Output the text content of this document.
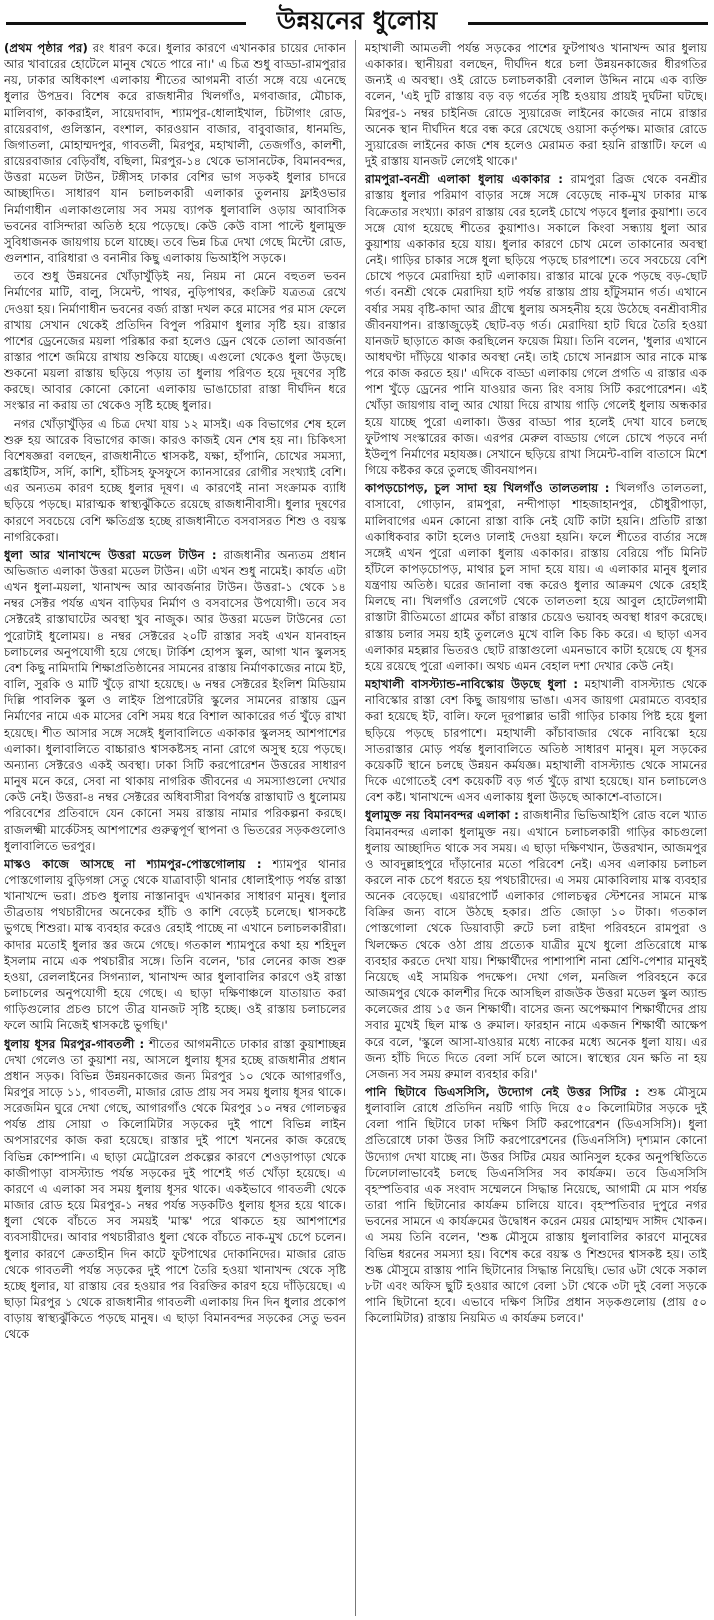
উন্নয়নের ধুলোয়

(প্রথম পৃষ্ঠার পর) রং ধারণ করে। ধুলার কারণে এখানকার চায়ের দোকান আর খাবারের হোটেলে মানুষ খেতে পারে না।' এ চিত্র শুধু বাড্ডা-রামপুরার নয়, ঢাকার অধিকাংশ এলাকায় শীতের আগমনী বার্তা সঙ্গে বয়ে এনেছে ধুলার উপদ্রব। বিশেষ করে রাজধানীর খিলগাঁও, মগবাজার, মৌচাক, মালিবাগ, কাকরাইল, সায়েদাবাদ, শ্যামপুর-ধোলাইখাল, চিটাগাং রোড, রায়েরবাগ, গুলিস্তান, বংশাল, কারওয়ান বাজার, বাবুবাজার, ধানমন্ডি, জিগাতলা, মোহাম্মদপুর, গাবতলী, মিরপুর, মহাখালী, তেজগাঁও, কালশী, রায়েরবাজার বেড়িবাঁধ, বছিলা, মিরপুর-১৪ থেকে ভাসানটেক, বিমানবন্দর, উত্তরা মডেল টাউন, টঙ্গীসহ ঢাকার বেশির ভাগ সড়কই ধুলার চাদরে আচ্ছাদিত। সাধারণ যান চলাচলকারী এলাকার তুলনায় ফ্লাইওভার নির্মাণাধীন এলাকাগুলোয় সব সময় ব্যাপক ধুলাবালি ওড়ায় আবাসিক ভবনের বাসিন্দারা অতিষ্ঠ হয়ে পড়েছে। কেউ কেউ বাসা পাল্টে ধুলামুক্ত সুবিধাজনক জায়গায় চলে যাচ্ছে। তবে ভিন্ন চিত্র দেখা গেছে মিন্টো রোড, গুলশান, বারিধারা ও বনানীর কিছু এলাকায় ভিআইপি সড়কে।

তবে শুধু উন্নয়নের খোঁড়াখুঁড়িই নয়, নিয়ম না মেনে বহুতল ভবন নির্মাণের মাটি, বালু, সিমেন্ট, পাথর, নুড়িপাথর, কংক্রিট যত্রতত্র রেখে দেওয়া হয়। নির্মাণাধীন ভবনের বর্জ্য রাস্তা দখল করে মাসের পর মাস ফেলে রাখায় সেখান থেকেই প্রতিদিন বিপুল পরিমাণ ধুলার সৃষ্টি হয়। রাস্তার পাশের ড্রেনেজের ময়লা পরিষ্কার করা হলেও ড্রেন থেকে তোলা আবর্জনা রাস্তার পাশে জমিয়ে রাখায় শুকিয়ে যাচ্ছে। এগুলো থেকেও ধুলা উড়ছে। শুকনো ময়লা রাস্তায় ছড়িয়ে পড়ায় তা ধুলায় পরিণত হয়ে দূষণের সৃষ্টি করছে। আবার কোনো কোনো এলাকায় ভাঙাচোরা রাস্তা দীর্ঘদিন ধরে সংস্কার না করায় তা থেকেও সৃষ্টি হচ্ছে ধুলার।

নগর খোঁড়াখুঁড়ির এ চিত্র দেখা যায় ১২ মাসই। এক বিভাগের শেষ হলে শুরু হয় আরেক বিভাগের কাজ। কারও কাজই যেন শেষ হয় না। চিকিৎসা বিশেষজ্ঞরা বলছেন, রাজধানীতে শ্বাসকষ্ট, যক্ষা, হাঁপানি, চোখের সমস্যা, ব্রঙ্কাইটিস, সর্দি, কাশি, হাঁচিসহ ফুসফুসে ক্যানসারের রোগীর সংখ্যাই বেশি। এর অন্যতম কারণ হচ্ছে ধুলার দূষণ। এ কারণেই নানা সংক্রামক ব্যাধি ছড়িয়ে পড়ছে। মারাত্মক স্বাস্থ্যঝুঁকিতে রয়েছে রাজধানীবাসী। ধুলার দূষণের কারণে সবচেয়ে বেশি ক্ষতিগ্রস্ত হচ্ছে রাজধানীতে বসবাসরত শিশু ও বয়স্ক নাগরিকেরা।

ধুলা আর খানাখন্দে উত্তরা মডেল টাউন : রাজধানীর অন্যতম প্রধান অভিজাত এলাকা উত্তরা মডেল টাউন। এটা এখন শুধু নামেই। কার্যত এটা এখন ধুলা-ময়লা, খানাখন্দ আর আবর্জনার টাউন। উত্তরা-১ থেকে ১৪ নম্বর সেক্টর পর্যন্ত এখন বাড়িঘর নির্মাণ ও বসবাসের উপযোগী। তবে সব সেক্টরেই রাস্তাঘাটের অবস্থা খুব নাজুক। আর উত্তরা মডেল টাউনের তো পুরোটাই ধুলোময়। ৪ নম্বর সেক্টরের ২০টি রাস্তার সবই এখন যানবাহন চলাচলের অনুপযোগী হয়ে গেছে। টার্কিশ হোপস স্কুল, আগা খান স্কুলসহ বেশ কিছু নামিদামি শিক্ষাপ্রতিষ্ঠানের সামনের রাস্তায় নির্মাণকাজের নামে ইট, বালি, সুরকি ও মাটি খুঁড়ে রাখা হয়েছে। ৬ নম্বর সেক্টরের ইংলিশ মিডিয়াম দিল্লি পাবলিক স্কুল ও লাইফ প্রিপারেটরি স্কুলের সামনের রাস্তায় ড্রেন নির্মাণের নামে এক মাসের বেশি সময় ধরে বিশাল আকারের গর্ত খুঁড়ে রাখা হয়েছে। শীত আসার সঙ্গে সঙ্গেই ধুলাবালিতে একাকার স্কুলসহ আশপাশের এলাকা। ধুলাবালিতে বাচ্চারাও শ্বাসকষ্টসহ নানা রোগে অসুস্থ হয়ে পড়ছে। অন্যান্য সেক্টরেও একই অবস্থা। ঢাকা সিটি করপোরেশন উত্তরের সাধারণ মানুষ মনে করে, সেবা না থাকায় নাগরিক জীবনের এ সমস্যাগুলো দেখার কেউ নেই। উত্তরা-৪ নম্বর সেক্টরের অধিবাসীরা বিপর্যস্ত রাস্তাঘাট ও ধুলোময় পরিবেশের প্রতিবাদে যেন কোনো সময় রাস্তায় নামার পরিকল্পনা করছে। রাজলক্ষ্মী মার্কেটসহ আশপাশের গুরুত্বপূর্ণ স্থাপনা ও ভিতরের সড়কগুলোও ধুলাবালিতে ভরপুর।

মাস্কও কাজে আসছে না শ্যামপুর-পোস্তগোলায় : শ্যামপুর থানার পোস্তগোলায় বুড়িগঙ্গা সেতু থেকে যাত্রাবাড়ী থানার ধোলাইপাড় পর্যন্ত রাস্তা খানাখন্দে ভরা। প্রচণ্ড ধুলায় নাস্তানাবুদ এখানকার সাধারণ মানুষ। ধুলার তীব্রতায় পথচারীদের অনেকের হাঁচি ও কাশি বেড়েই চলেছে। শ্বাসকষ্টে ভুগছে শিশুরা। মাস্ক ব্যবহার করেও রেহাই পাচ্ছে না এখানে চলাচলকারীরা। কাদার মতোই ধুলার স্তর জমে গেছে। গতকাল শ্যামপুরে কথা হয় শহিদুল ইসলাম নামে এক পথচারীর সঙ্গে। তিনি বলেন, 'চার লেনের কাজ শুরু হওয়া, রেললাইনের সিগন্যাল, খানাখন্দ আর ধুলাবালির কারণে ওই রাস্তা চলাচলের অনুপযোগী হয়ে গেছে। এ ছাড়া দক্ষিণাঞ্চলে যাতায়াত করা গাড়িগুলোর প্রচণ্ড চাপে তীব্র যানজট সৃষ্টি হচ্ছে। ওই রাস্তায় চলাচলের ফলে আমি নিজেই শ্বাসকষ্টে ভুগছি।'

ধুলায় ধূসর মিরপুর-গাবতলী : শীতের আগমনীতে ঢাকার রাস্তা কুয়াশাচ্ছন্ন দেখা গেলেও তা কুয়াশা নয়, আসলে ধুলায় ধূসর হচ্ছে রাজধানীর প্রধান প্রধান সড়ক। বিভিন্ন উন্নয়নকাজের জন্য মিরপুর ১০ থেকে আগারগাঁও, মিরপুর সাড়ে ১১, গাবতলী, মাজার রোড প্রায় সব সময় ধুলায় ধূসর থাকে। সরেজমিন ঘুরে দেখা গেছে, আগারগাঁও থেকে মিরপুর ১০ নম্বর গোলচত্বর পর্যন্ত প্রায় সোয়া ৩ কিলোমিটার সড়কের দুই পাশে বিভিন্ন লাইন অপসারণের কাজ করা হয়েছে। রাস্তার দুই পাশে খননের কাজ করেছে বিভিন্ন কোম্পানি। এ ছাড়া মেট্রোরেল প্রকল্পের কারণে শেওড়াপাড়া থেকে কাজীপাড়া বাসস্ট্যান্ড পর্যন্ত সড়কের দুই পাশেই গর্ত খোঁড়া হয়েছে। এ কারণে এ এলাকা সব সময় ধুলায় ধূসর থাকে। একইভাবে গাবতলী থেকে মাজার রোড হয়ে মিরপুর-১ নম্বর পর্যন্ত সড়কটিও ধুলায় ধূসর হয়ে থাকে। ধুলা থেকে বাঁচতে সব সময়ই 'মাস্ক' পরে থাকতে হয় আশপাশের ব্যবসায়ীদের। আবার পথচারীরাও ধুলা থেকে বাঁচতে নাক-মুখ চেপে চলেন। ধুলার কারণে ক্রেতাহীন দিন কাটে ফুটপাথের দোকানিদের। মাজার রোড থেকে গাবতলী পর্যন্ত সড়কের দুই পাশে তৈরি হওয়া খানাখন্দ থেকে সৃষ্টি হচ্ছে ধুলার, যা রাস্তায় বের হওয়ার পর বিরক্তির কারণ হয়ে দাঁড়িয়েছে। এ ছাড়া মিরপুর ১ থেকে রাজধানীর গাবতলী এলাকায় দিন দিন ধুলার প্রকোপ বাড়ায় স্বাস্থ্যঝুঁকিতে পড়ছে মানুষ। এ ছাড়া বিমানবন্দর সড়কের সেতু ভবন থেকে

মহাখালী আমতলী পর্যন্ত সড়কের পাশের ফুটপাথও খানাখন্দ আর ধুলায় একাকার। স্থানীয়রা বলছেন, দীর্ঘদিন ধরে চলা উন্নয়নকাজের ধীরগতির জন্যই এ অবস্থা। ওই রোডে চলাচলকারী বেলাল উদ্দিন নামে এক ব্যক্তি বলেন, 'এই দুটি রাস্তায় বড় বড় গর্তের সৃষ্টি হওয়ায় প্রায়ই দুর্ঘটনা ঘটছে। মিরপুর-১ নম্বর চাইনিজ রোডে স্যুয়ারেজ লাইনের কাজের নামে রাস্তার অনেক স্থান দীর্ঘদিন ধরে বন্ধ করে রেখেছে ওয়াসা কর্তৃপক্ষ। মাজার রোডে স্যুয়ারেজ লাইনের কাজ শেষ হলেও মেরামত করা হয়নি রাস্তাটি। ফলে এ দুই রাস্তায় যানজট লেগেই থাকে।'

রামপুরা-বনশ্রী এলাকা ধুলায় একাকার : রামপুরা ব্রিজ থেকে বনশ্রীর রাস্তায় ধুলার পরিমাণ বাড়ার সঙ্গে সঙ্গে বেড়েছে নাক-মুখ ঢাকার মাস্ক বিক্রেতার সংখ্যা। কারণ রাস্তায় বের হলেই চোখে পড়বে ধুলার কুয়াশা। তবে সঙ্গে যোগ হয়েছে শীতের কুয়াশাও। সকালে কিংবা সন্ধ্যায় ধুলা আর কুয়াশায় একাকার হয়ে যায়। ধুলার কারণে চোখ মেলে তাকানোর অবস্থা নেই। গাড়ির চাকার সঙ্গে ধুলা ছড়িয়ে পড়ছে চারপাশে। তবে সবচেয়ে বেশি চোখে পড়বে মেরাদিয়া হাট এলাকায়। রাস্তার মাঝে ঢুকে পড়ছে বড়-ছোট গর্ত। বনশ্রী থেকে মেরাদিয়া হাট পর্যন্ত রাস্তায় প্রায় হাঁটুসমান গর্ত। এখানে বর্ষার সময় বৃষ্টি-কাদা আর গ্রীষ্মে ধুলায় অসহনীয় হয়ে উঠেছে বনশ্রীবাসীর জীবনযাপন। রাস্তাজুড়েই ছোট-বড় গর্ত। মেরাদিয়া হাট ঘিরে তৈরি হওয়া যানজট ছাড়াতে কাজ করছিলেন ফয়েজ মিয়া। তিনি বলেন, 'ধুলার এখানে আধঘণ্টা দাঁড়িয়ে থাকার অবস্থা নেই। তাই চোখে সানগ্লাস আর নাকে মাস্ক পরে কাজ করতে হয়।' এদিকে বাড্ডা এলাকায় গেলে প্রগতি এ রাস্তার এক পাশ খুঁড়ে ড্রেনের পানি যাওয়ার জন্য রিং বসায় সিটি করপোরেশন। এই খোঁড়া জায়গায় বালু আর খোয়া দিয়ে রাখায় গাড়ি গেলেই ধুলায় অন্ধকার হয়ে যাচ্ছে পুরো এলাকা। উত্তর বাড্ডা পার হলেই দেখা যাবে চলছে ফুটপাথ সংস্কারের কাজ। এরপর মেরুল বাড্ডায় গেলে চোখে পড়বে নর্দা ইউলুপ নির্মাণের মহাযজ্ঞ। সেখানে ছড়িয়ে রাখা সিমেন্ট-বালি বাতাসে মিশে গিয়ে কষ্টকর করে তুলছে জীবনযাপন।

কাপড়চোপড়, চুল সাদা হয় খিলগাঁও তালতলায় : খিলগাঁও তালতলা, বাসাবো, গোড়ান, রামপুরা, নন্দীপাড়া শাহজাহানপুর, চৌধুরীপাড়া, মালিবাগের এমন কোনো রাস্তা বাকি নেই যেটি কাটা হয়নি। প্রতিটি রাস্তা একাধিকবার কাটা হলেও ঢালাই দেওয়া হয়নি। ফলে শীতের বার্তার সঙ্গে সঙ্গেই এখন পুরো এলাকা ধুলায় একাকার। রাস্তায় বেরিয়ে পাঁচ মিনিট হাঁটলে কাপড়চোপড়, মাথার চুল সাদা হয়ে যায়। এ এলাকার মানুষ ধুলার যন্ত্রণায় অতিষ্ঠ। ঘরের জানালা বন্ধ করেও ধুলার আক্রমণ থেকে রেহাই মিলছে না। খিলগাঁও রেলগেট থেকে তালতলা হয়ে আবুল হোটেলগামী রাস্তাটা রীতিমতো গ্রামের কাঁচা রাস্তার চেয়েও ভয়াবহ অবস্থা ধারণ করেছে। রাস্তায় চলার সময় হাই তুললেও মুখে বালি কিচ কিচ করে। এ ছাড়া এসব এলাকার মহল্লার ভিতরও ছোট রাস্তাগুলো এমনভাবে কাটা হয়েছে যে ধূসর হয়ে রয়েছে পুরো এলাকা। অথচ এমন বেহাল দশা দেখার কেউ নেই।

মহাখালী বাসস্ট্যান্ড-নাবিস্কোয় উড়ছে ধুলা : মহাখালী বাসস্ট্যান্ড থেকে নাবিস্কোর রাস্তা বেশ কিছু জায়গায় ভাঙা। এসব জায়গা মেরামতে ব্যবহার করা হয়েছে ইট, বালি। ফলে দূরপাল্লার ভারী গাড়ির চাকায় পিষ্ট হয়ে ধুলা ছড়িয়ে পড়ছে চারপাশে। মহাখালী কাঁচাবাজার থেকে নাবিস্কো হয়ে সাতরাস্তার মোড় পর্যন্ত ধুলাবালিতে অতিষ্ঠ সাধারণ মানুষ। মূল সড়কের কয়েকটি স্থানে চলছে উন্নয়ন কর্মযজ্ঞ। মহাখালী বাসস্ট্যান্ড থেকে সামনের দিকে এগোতেই বেশ কয়েকটি বড় গর্ত খুঁড়ে রাখা হয়েছে। যান চলাচলেও বেশ কষ্ট। খানাখন্দে এসব এলাকায় ধুলা উড়ছে আকাশে-বাতাসে।

ধুলামুক্ত নয় বিমানবন্দর এলাকা : রাজধানীর ভিভিআইপি রোড বলে খ্যাত বিমানবন্দর এলাকা ধুলামুক্ত নয়। এখানে চলাচলকারী গাড়ির কাচগুলো ধুলায় আচ্ছাদিত থাকে সব সময়। এ ছাড়া দক্ষিণখান, উত্তরখান, আজমপুর ও আবদুল্লাহপুরে দাঁড়ানোর মতো পরিবেশ নেই। এসব এলাকায় চলাচল করলে নাক চেপে ধরতে হয় পথচারীদের। এ সময় মোকাবিলায় মাস্ক ব্যবহার অনেক বেড়েছে। এয়ারপোর্ট এলাকার গোলচত্বর স্টেশনের সামনে মাস্ক বিক্রির জন্য বাসে উঠছে হকার। প্রতি জোড়া ১০ টাকা। গতকাল পোস্তগোলা থেকে ডিয়াবাড়ী রুটে চলা রাইদা পরিবহনে রামপুরা ও খিলক্ষেত থেকে ওঠা প্রায় প্রত্যেক যাত্রীর মুখে ধুলো প্রতিরোধে মাস্ক ব্যবহার করতে দেখা যায়। শিক্ষার্থীদের পাশাপাশি নানা শ্রেণি-পেশার মানুষই নিয়েছে এই সাময়িক পদক্ষেপ। দেখা গেল, মনজিল পরিবহনে করে আজমপুর থেকে কালশীর দিকে আসছিল রাজউক উত্তরা মডেল স্কুল অ্যান্ড কলেজের প্রায় ১৫ জন শিক্ষার্থী। বাসের জন্য অপেক্ষমাণ শিক্ষার্থীদের প্রায় সবার মুখেই ছিল মাস্ক ও রুমাল। ফারহান নামে একজন শিক্ষার্থী আক্ষেপ করে বলে, 'স্কুলে আসা-যাওয়ার মধ্যে নাকের মধ্যে অনেক ধুলা যায়। এর জন্য হাঁচি দিতে দিতে বেলা সর্দি চলে আসে। স্বাস্থ্যের যেন ক্ষতি না হয় সেজন্য সব সময় রুমাল ব্যবহার করি।'

পানি ছিটাবে ডিএসসিসি, উদ্যোগ নেই উত্তর সিটির : শুষ্ক মৌসুমে ধুলাবালি রোধে প্রতিদিন নয়টি গাড়ি দিয়ে ৫০ কিলোমিটার সড়কে দুই বেলা পানি ছিটাবে ঢাকা দক্ষিণ সিটি করপোরেশন (ডিএসসিসি)। ধুলা প্রতিরোধে ঢাকা উত্তর সিটি করপোরেশনের (ডিএনসিসি) দৃশ্যমান কোনো উদ্যোগ দেখা যাচ্ছে না। উত্তর সিটির মেয়র আনিসুল হকের অনুপস্থিতিতে ঢিলেঢালাভাবেই চলছে ডিএনসিসির সব কার্যক্রম। তবে ডিএসসিসি বৃহস্পতিবার এক সংবাদ সম্মেলনে সিদ্ধান্ত নিয়েছে, আগামী মে মাস পর্যন্ত তারা পানি ছিটানোর কার্যক্রম চালিয়ে যাবে। বৃহস্পতিবার দুপুরে নগর ভবনের সামনে এ কার্যক্রমের উদ্বোধন করেন মেয়র মোহাম্মদ সাঈদ খোকন। এ সময় তিনি বলেন, 'শুষ্ক মৌসুমে রাস্তায় ধুলাবালির কারণে মানুষের বিভিন্ন ধরনের সমস্যা হয়। বিশেষ করে বয়স্ক ও শিশুদের শ্বাসকষ্ট হয়। তাই শুষ্ক মৌসুমে রাস্তায় পানি ছিটানোর সিদ্ধান্ত নিয়েছি। ভোর ৬টা থেকে সকাল ৮টা এবং অফিস ছুটি হওয়ার আগে বেলা ১টা থেকে ৩টা দুই বেলা সড়কে পানি ছিটানো হবে। এভাবে দক্ষিণ সিটির প্রধান সড়কগুলোয় (প্রায় ৫০ কিলোমিটার) রাস্তায় নিয়মিত এ কার্যক্রম চলবে।'
